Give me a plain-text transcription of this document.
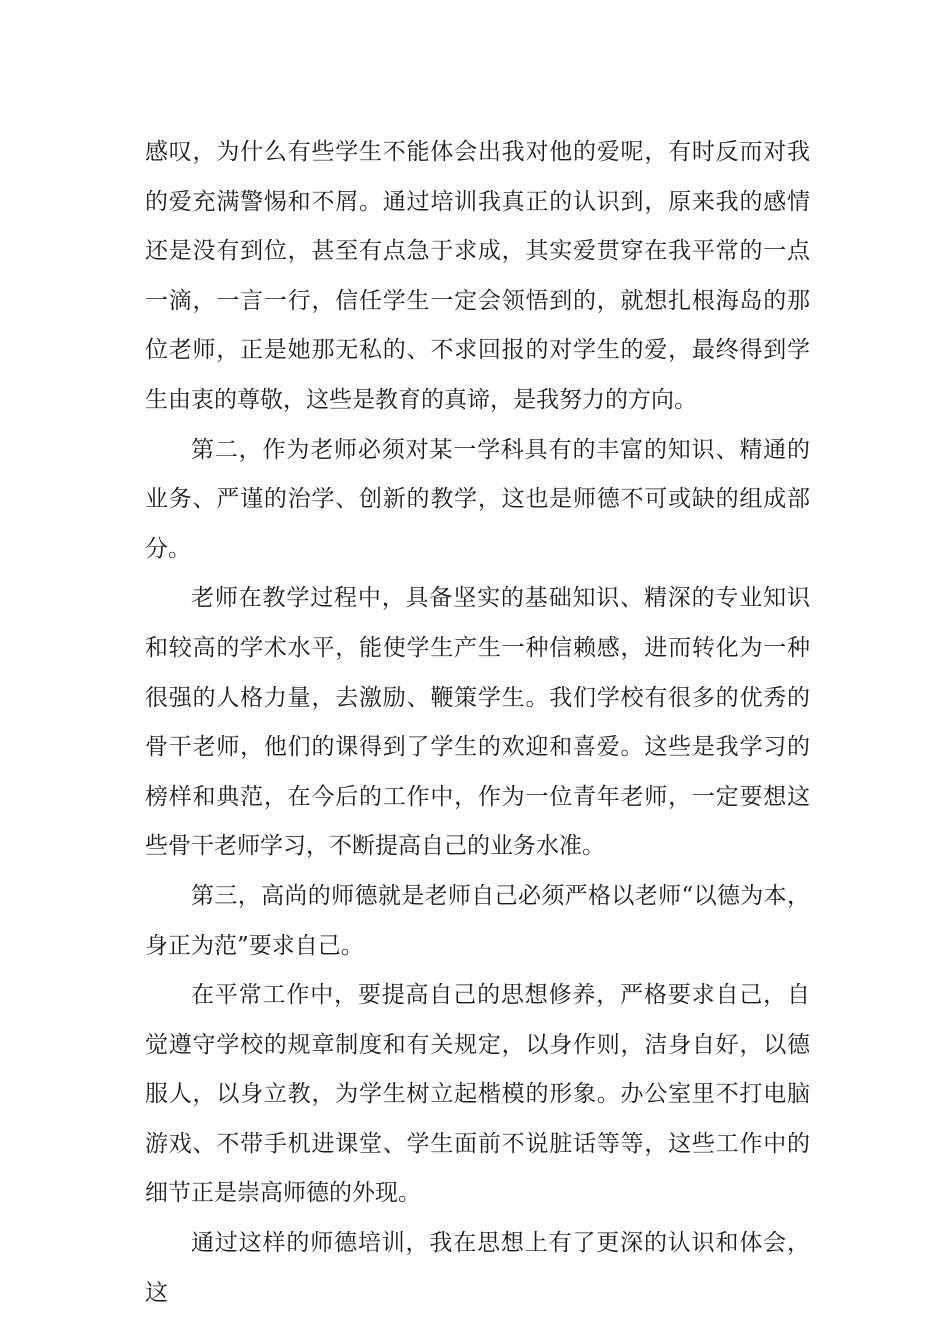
感叹，为什么有些学生不能体会出我对他的爱呢，有时反而对我的爱充满警惕和不屑。通过培训我真正的认识到，原来我的感情还是没有到位，甚至有点急于求成，其实爱贯穿在我平常的一点一滴，一言一行，信任学生一定会领悟到的，就想扎根海岛的那位老师，正是她那无私的、不求回报的对学生的爱，最终得到学生由衷的尊敬，这些是教育的真谛，是我努力的方向。

第二，作为老师必须对某一学科具有的丰富的知识、精通的业务、严谨的治学、创新的教学，这也是师德不可或缺的组成部分。

老师在教学过程中，具备坚实的基础知识、精深的专业知识和较高的学术水平，能使学生产生一种信赖感，进而转化为一种很强的人格力量，去激励、鞭策学生。我们学校有很多的优秀的骨干老师，他们的课得到了学生的欢迎和喜爱。这些是我学习的榜样和典范，在今后的工作中，作为一位青年老师，一定要想这些骨干老师学习，不断提高自己的业务水准。

第三，高尚的师德就是老师自己必须严格以老师“以德为本，身正为范”要求自己。

在平常工作中，要提高自己的思想修养，严格要求自己，自觉遵守学校的规章制度和有关规定，以身作则，洁身自好，以德服人，以身立教，为学生树立起楷模的形象。办公室里不打电脑游戏、不带手机进课堂、学生面前不说脏话等等，这些工作中的细节正是崇高师德的外现。

通过这样的师德培训，我在思想上有了更深的认识和体会，这
